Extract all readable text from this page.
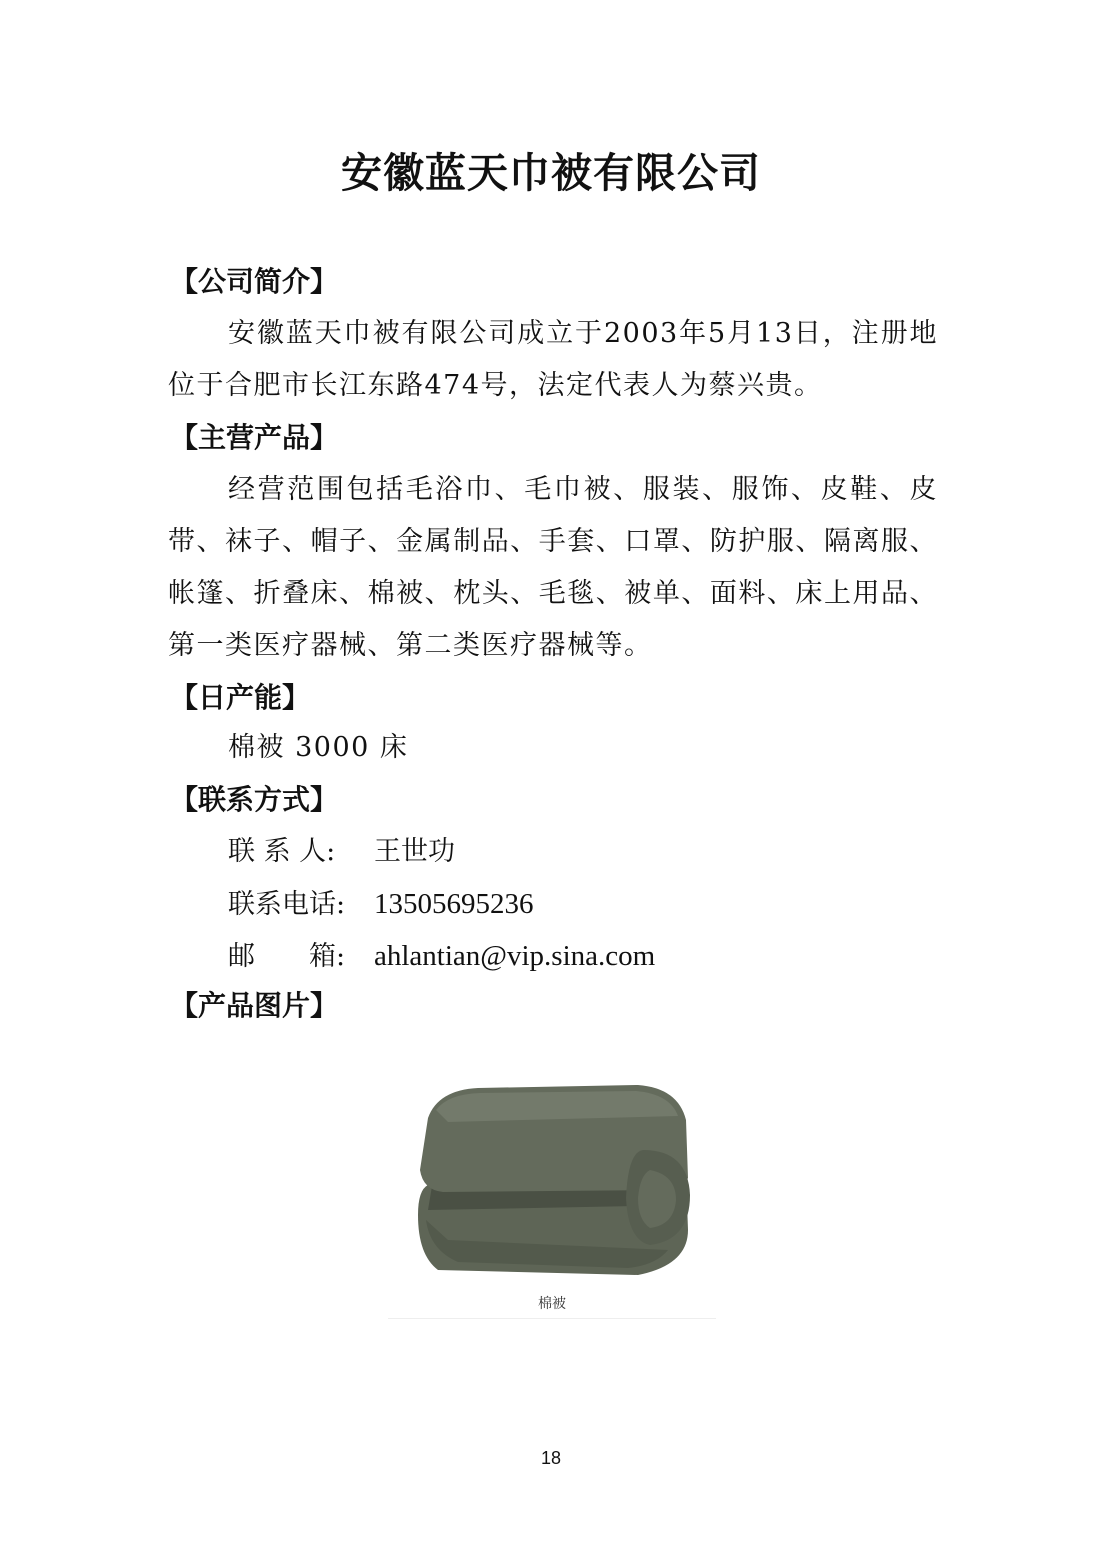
安徽蓝天巾被有限公司
【公司简介】
安徽蓝天巾被有限公司成立于2003年5月13日，注册地位于合肥市长江东路474号，法定代表人为蔡兴贵。
【主营产品】
经营范围包括毛浴巾、毛巾被、服装、服饰、皮鞋、皮带、袜子、帽子、金属制品、手套、口罩、防护服、隔离服、帐篷、折叠床、棉被、枕头、毛毯、被单、面料、床上用品、第一类医疗器械、第二类医疗器械等。
【日产能】
棉被 3000 床
【联系方式】
联 系 人: 王世功
联系电话: 13505695236
邮　　箱: ahlantian@vip.sina.com
【产品图片】
棉被
18
